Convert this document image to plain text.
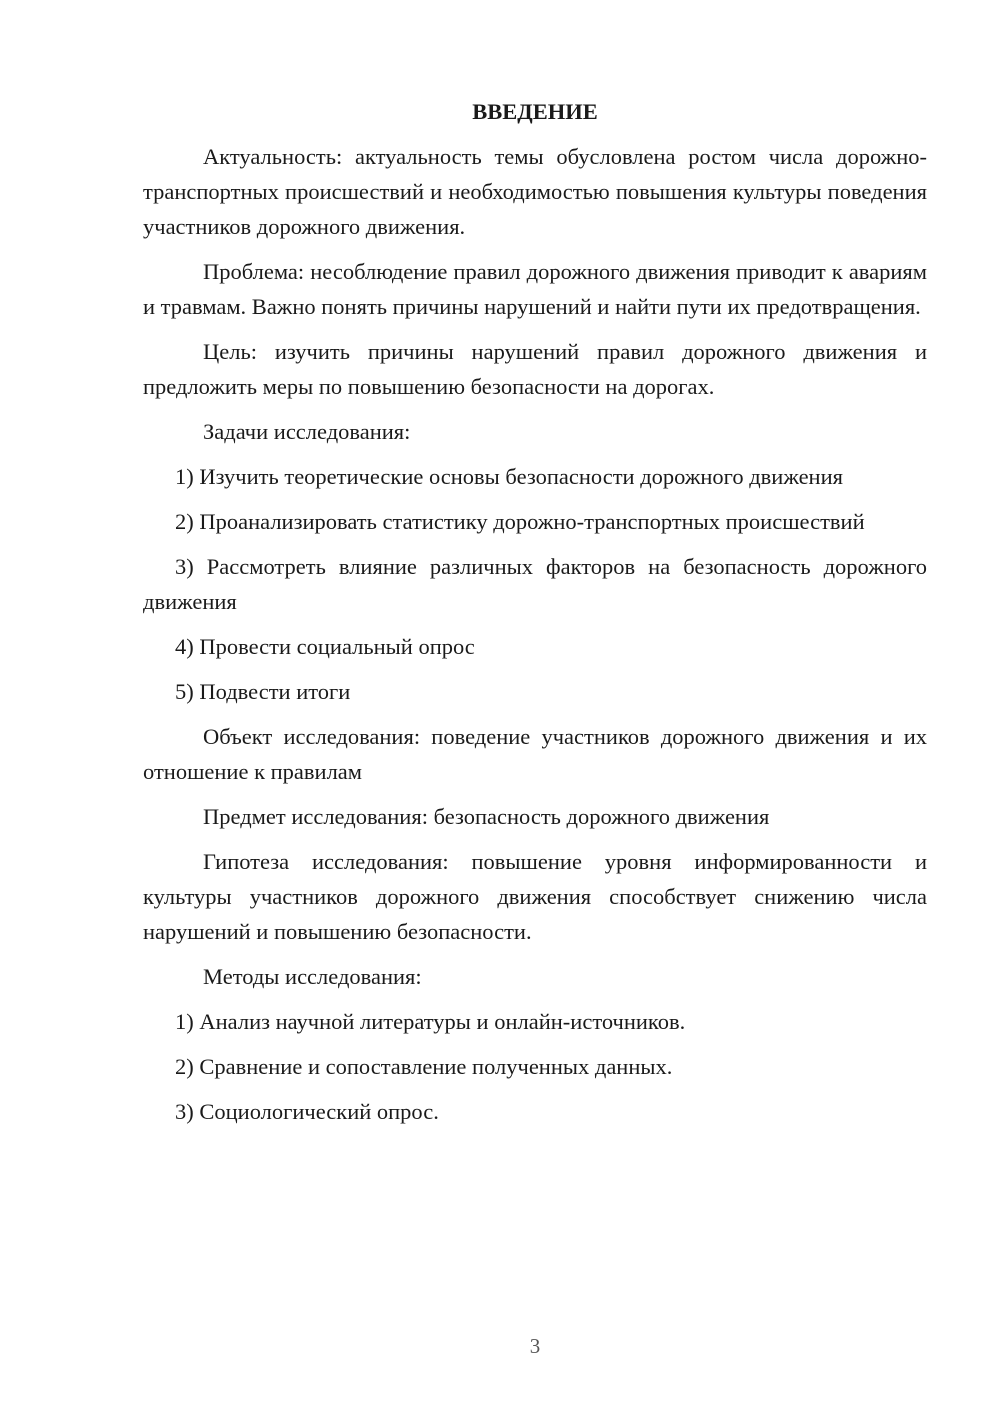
ВВЕДЕНИЕ

Актуальность: актуальность темы обусловлена ростом числа дорожно-транспортных происшествий и необходимостью повышения культуры поведения участников дорожного движения.

Проблема: несоблюдение правил дорожного движения приводит к авариям и травмам. Важно понять причины нарушений и найти пути их предотвращения.

Цель: изучить причины нарушений правил дорожного движения и предложить меры по повышению безопасности на дорогах.

Задачи исследования:

1) Изучить теоретические основы безопасности дорожного движения

2) Проанализировать статистику дорожно-транспортных происшествий

3) Рассмотреть влияние различных факторов на безопасность дорожного движения

4) Провести социальный опрос

5) Подвести итоги

Объект исследования: поведение участников дорожного движения и их отношение к правилам

Предмет исследования: безопасность дорожного движения

Гипотеза исследования: повышение уровня информированности и культуры участников дорожного движения способствует снижению числа нарушений и повышению безопасности.

Методы исследования:

1) Анализ научной литературы и онлайн-источников.

2) Сравнение и сопоставление полученных данных.

3) Социологический опрос.

3
